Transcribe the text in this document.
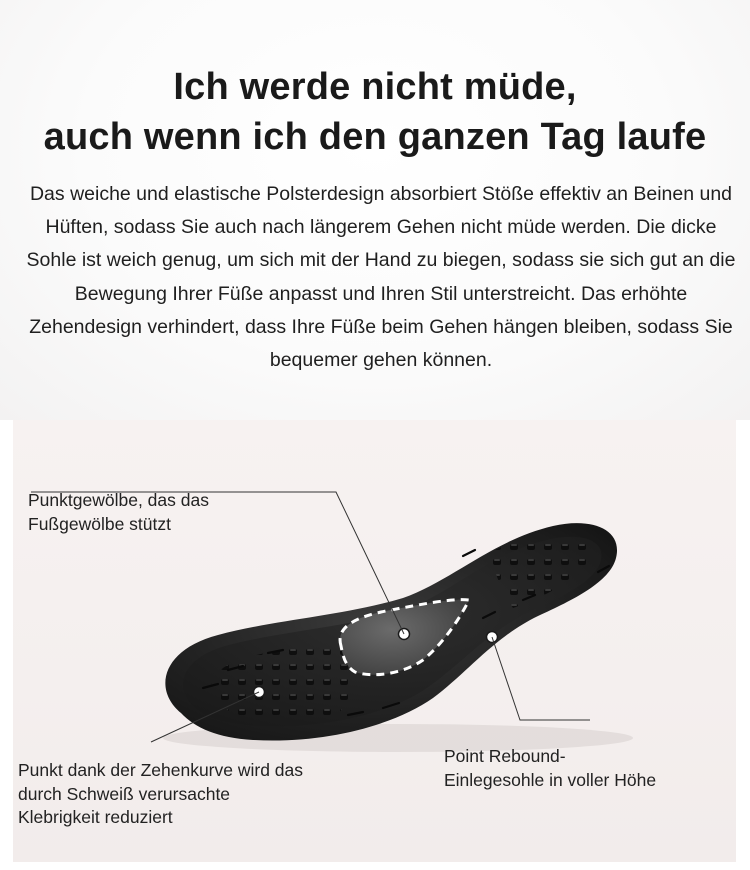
Ich werde nicht müde,
auch wenn ich den ganzen Tag laufe

Das weiche und elastische Polsterdesign absorbiert Stöße effektiv an Beinen und Hüften, sodass Sie auch nach längerem Gehen nicht müde werden. Die dicke Sohle ist weich genug, um sich mit der Hand zu biegen, sodass sie sich gut an die Bewegung Ihrer Füße anpasst und Ihren Stil unterstreicht. Das erhöhte Zehendesign verhindert, dass Ihre Füße beim Gehen hängen bleiben, sodass Sie bequemer gehen können.

Punktgewölbe, das das
Fußgewölbe stützt
Punkt dank der Zehenkurve wird das
durch Schweiß verursachte
Klebrigkeit reduziert
Point Rebound-
Einlegesohle in voller Höhe
